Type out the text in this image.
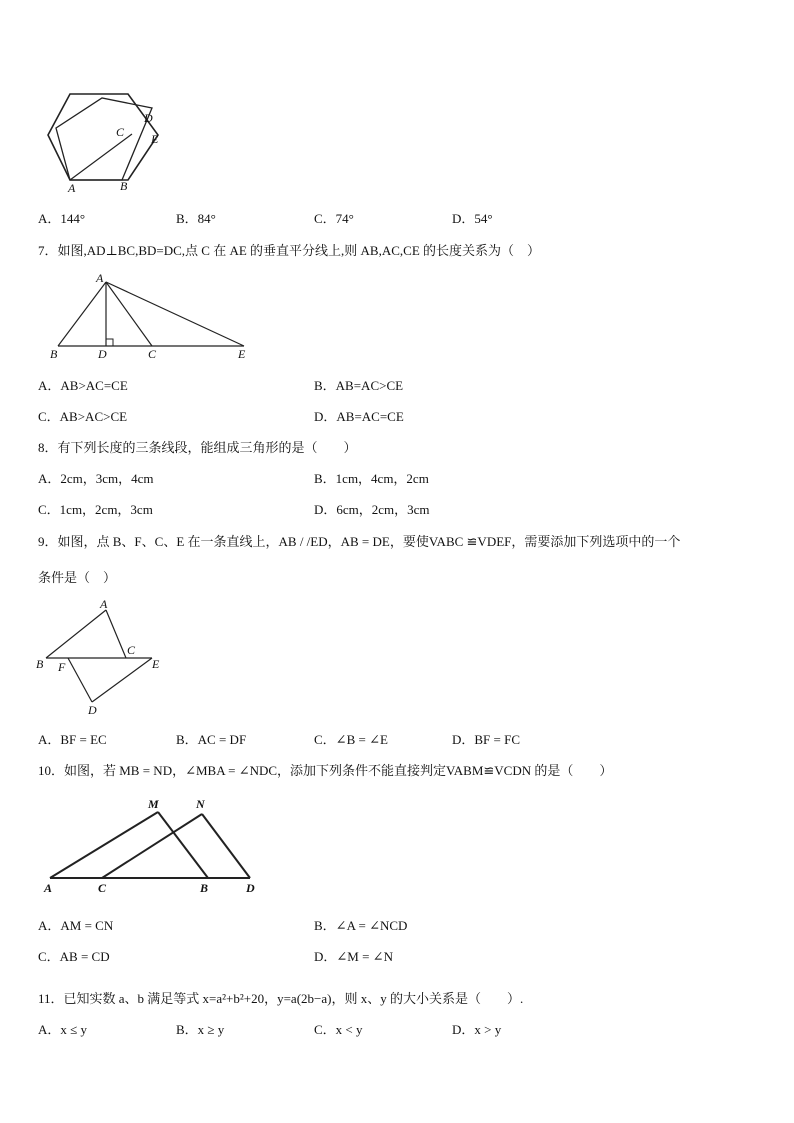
A	B
C
D
E
A．144°	B．84°	C．74°	D．54°
7．如图,AD⊥BC,BD=DC,点 C 在 AE 的垂直平分线上,则 AB,AC,CE 的长度关系为（　）
A
B	D	C	E
A．AB>AC=CE	B．AB=AC>CE
C．AB>AC>CE	D．AB=AC=CE
8．有下列长度的三条线段，能组成三角形的是（　　）
A．2cm，3cm，4cm	B．1cm，4cm，2cm
C．1cm，2cm，3cm	D．6cm，2cm，3cm
9．如图，点 B、F、C、E 在一条直线上，AB / /ED，AB = DE，要使VABC ≌VDEF，需要添加下列选项中的一个
条件是（　）
A
B F
C
E
D
A．BF = EC	B．AC = DF	C．∠B = ∠E	D．BF = FC
10．如图，若 MB = ND，∠MBA = ∠NDC，添加下列条件不能直接判定VABM≌VCDN 的是（　　）
M	N
A	C	B	D
A．AM = CN	B．∠A = ∠NCD
C．AB = CD	D．∠M = ∠N
11．已知实数 a、b 满足等式 x=a²+b²+20，y=a(2b−a)，则 x、y 的大小关系是（　　）.
A．x ≤ y	B．x ≥ y	C．x < y	D．x > y
